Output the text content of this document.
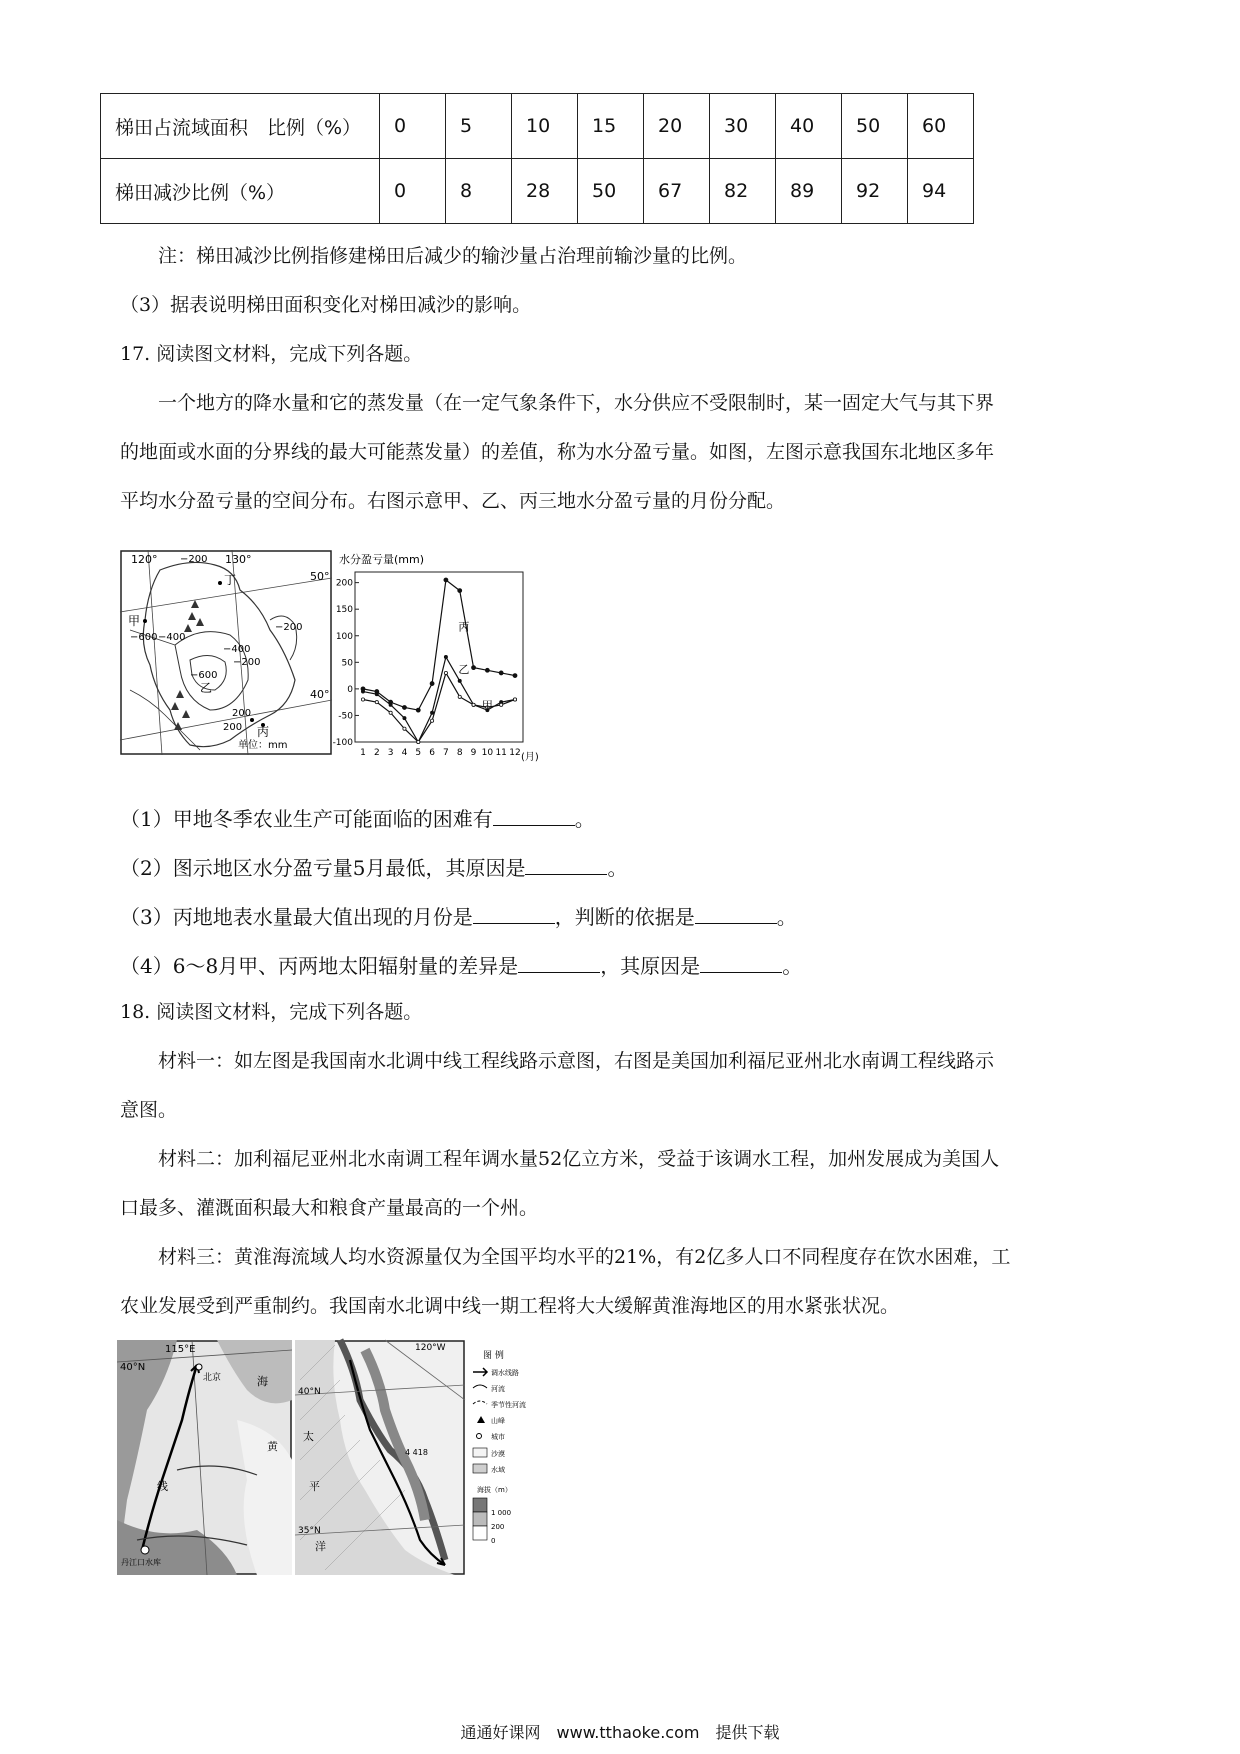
梯田占流域面积　比例（%）	0	5	10	15	20	30	40	50	60
梯田减沙比例（%）	0	8	28	50	67	82	89	92	94
注：梯田减沙比例指修建梯田后减少的输沙量占治理前输沙量的比例。
（3）据表说明梯田面积变化对梯田减沙的影响。
17. 阅读图文材料，完成下列各题。
一个地方的降水量和它的蒸发量（在一定气象条件下，水分供应不受限制时，某一固定大气与其下界
的地面或水面的分界线的最大可能蒸发量）的差值，称为水分盈亏量。如图，左图示意我国东北地区多年
平均水分盈亏量的空间分布。右图示意甲、乙、丙三地水分盈亏量的月份分配。
120°	130°
50°
40°
甲
乙
丙
丁
−200
−600 −400
−400
−200
−200
−600
200
200
单位：mm
水分盈亏量(mm)
200
150
100
50
0
-50
-100
1 2 3 4 5 6 7 8 9 10 11 12
丙
乙
甲
(月)
（1）甲地冬季农业生产可能面临的困难有	。
（2）图示地区水分盈亏量5月最低，其原因是	。
（3）丙地地表水量最大值出现的月份是	，判断的依据是	。
（4）6～8月甲、丙两地太阳辐射量的差异是	，其原因是	。
18. 阅读图文材料，完成下列各题。
材料一：如左图是我国南水北调中线工程线路示意图，右图是美国加利福尼亚州北水南调工程线路示
意图。
材料二：加利福尼亚州北水南调工程年调水量52亿立方米，受益于该调水工程，加州发展成为美国人
口最多、灌溉面积最大和粮食产量最高的一个州。
材料三：黄淮海流域人均水资源量仅为全国平均水平的21%，有2亿多人口不同程度存在饮水困难，工
农业发展受到严重制约。我国南水北调中线一期工程将大大缓解黄淮海地区的用水紧张状况。
115°E
40°N
海
黄
线
北京
丹江口水库
120°W
40°N
35°N
太
平
洋
4 418
图 例
调水线路
河流
季节性河流
山峰
城市
沙漠
水域
海拔（m）
1 000
200
0
通通好课网　www.tthaoke.com　提供下载
